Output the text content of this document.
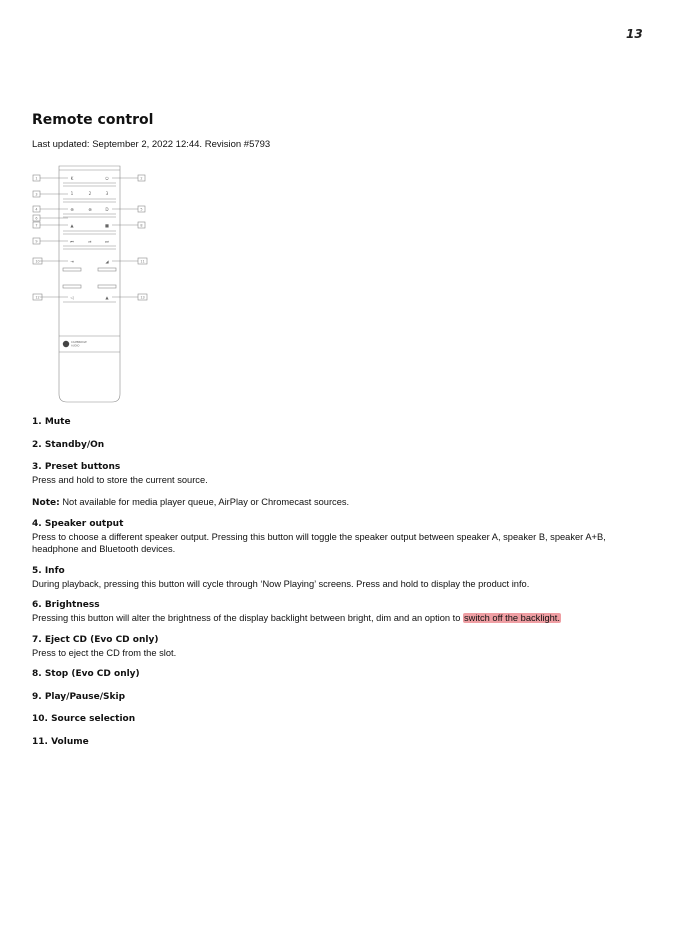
13
Remote control
Last updated: September 2, 2022 12:44. Revision #5793
K	⏻
1	2	3
⊕	⊗	D
▲	■
⏮	⏯	⏭
⇥	◢
◁	▲
1	2
3
4	5
6
7	8
9
10	11
12	13
CAMBRIDGE
AUDIO
1. Mute
2. Standby/On
3. Preset buttons
Press and hold to store the current source.
Note: Not available for media player queue, AirPlay or Chromecast sources.
4. Speaker output
Press to choose a different speaker output. Pressing this button will toggle the speaker output between speaker A, speaker B, speaker A+B, headphone and Bluetooth devices.
5. Info
During playback, pressing this button will cycle through ‘Now Playing’ screens. Press and hold to display the product info.
6. Brightness
Pressing this button will alter the brightness of the display backlight between bright, dim and an option to switch off the backlight.
7. Eject CD (Evo CD only)
Press to eject the CD from the slot.
8. Stop (Evo CD only)
9. Play/Pause/Skip
10. Source selection
11. Volume
